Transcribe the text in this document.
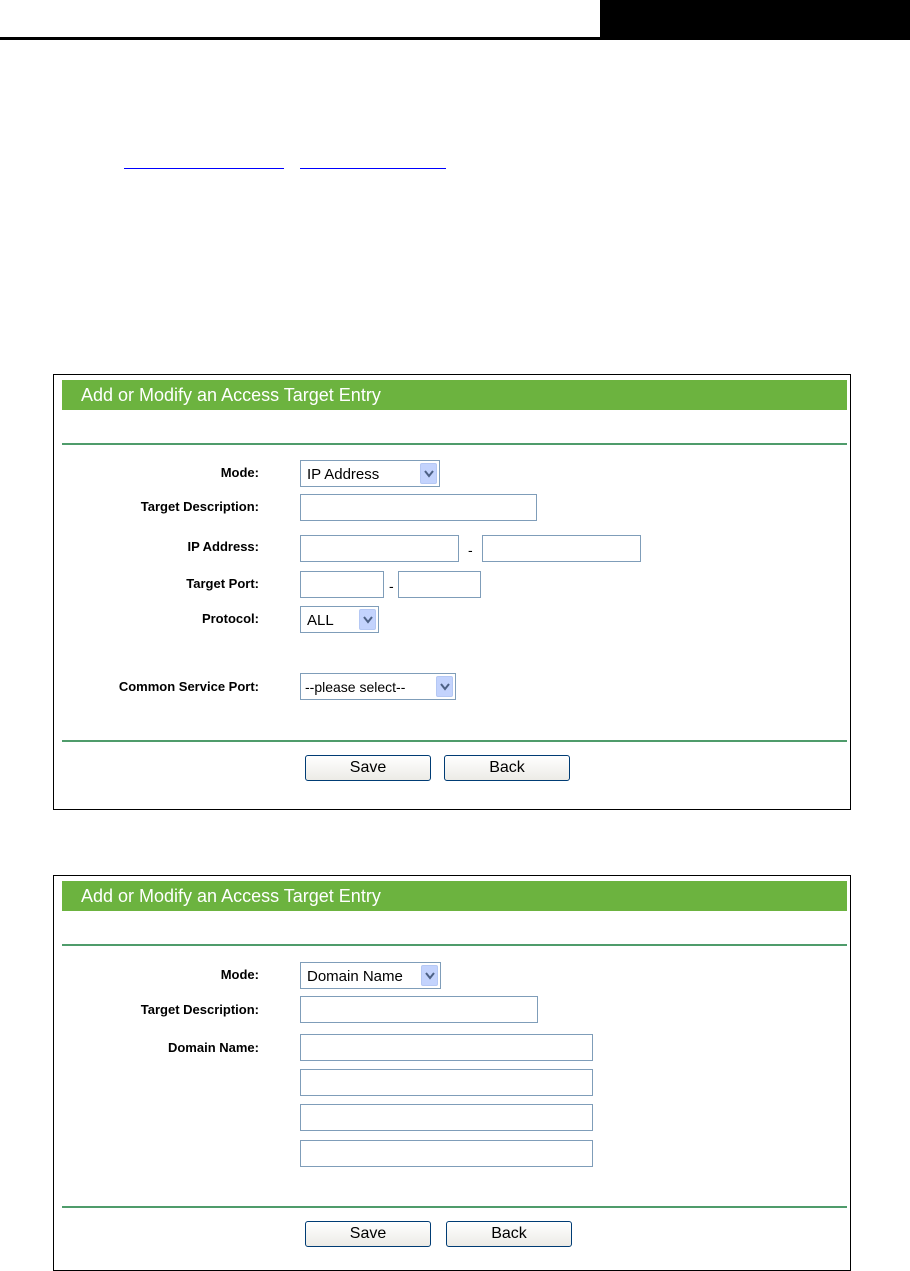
Add or Modify an Access Target Entry
Mode:	IP Address
Target Description:
IP Address:	-
Target Port:	-
Protocol:	ALL
Common Service Port:	--please select--
Save	Back
Add or Modify an Access Target Entry
Mode:	Domain Name
Target Description:
Domain Name:
Save	Back
